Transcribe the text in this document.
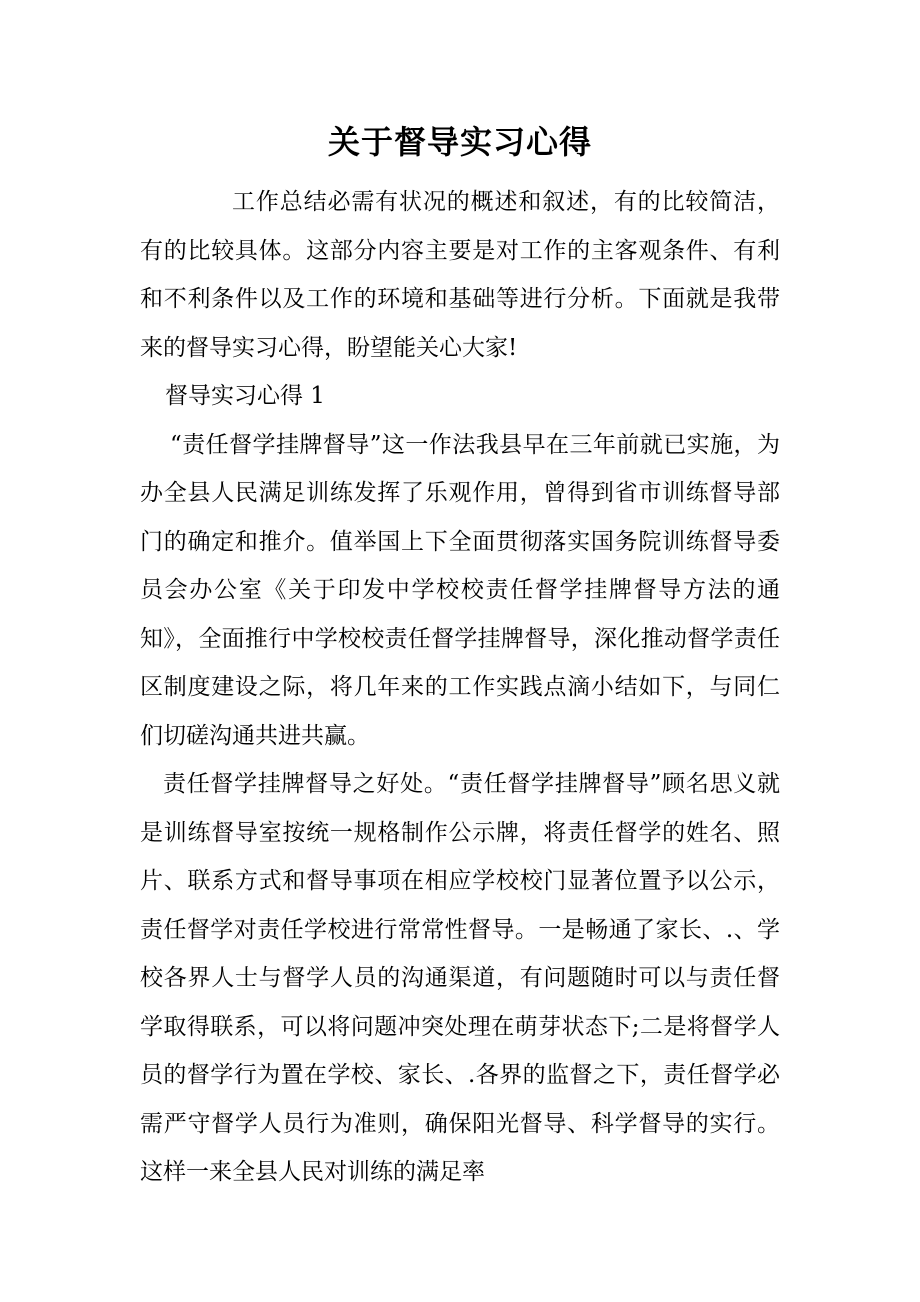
关于督导实习心得

工作总结必需有状况的概述和叙述，有的比较简洁，有的比较具体。这部分内容主要是对工作的主客观条件、有利和不利条件以及工作的环境和基础等进行分析。下面就是我带来的督导实习心得，盼望能关心大家!

督导实习心得 1

“责任督学挂牌督导”这一作法我县早在三年前就已实施，为办全县人民满足训练发挥了乐观作用，曾得到省市训练督导部门的确定和推介。值举国上下全面贯彻落实国务院训练督导委员会办公室《关于印发中学校校责任督学挂牌督导方法的通知》，全面推行中学校校责任督学挂牌督导，深化推动督学责任区制度建设之际，将几年来的工作实践点滴小结如下，与同仁们切磋沟通共进共赢。

责任督学挂牌督导之好处。“责任督学挂牌督导”顾名思义就是训练督导室按统一规格制作公示牌，将责任督学的姓名、照片、联系方式和督导事项在相应学校校门显著位置予以公示，责任督学对责任学校进行常常性督导。一是畅通了家长、.、学校各界人士与督学人员的沟通渠道，有问题随时可以与责任督学取得联系，可以将问题冲突处理在萌芽状态下;二是将督学人员的督学行为置在学校、家长、.各界的监督之下，责任督学必需严守督学人员行为准则，确保阳光督导、科学督导的实行。这样一来全县人民对训练的满足率
